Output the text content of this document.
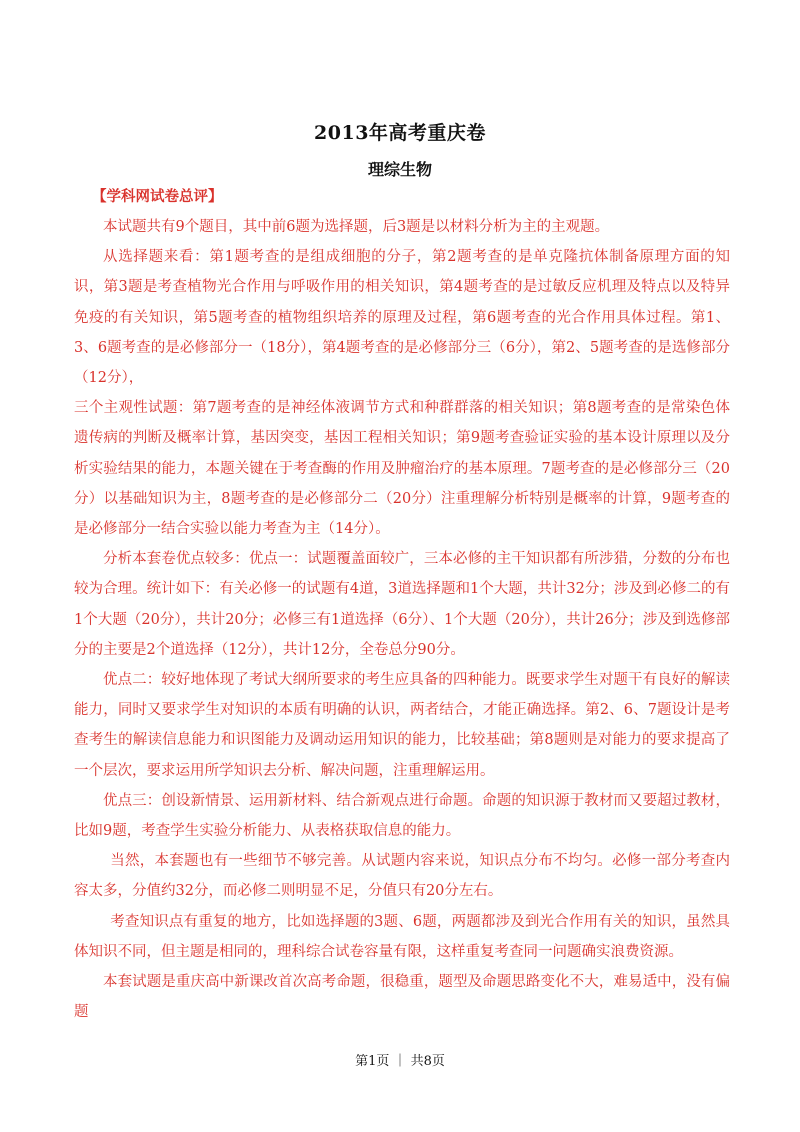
2013年高考重庆卷
理综生物
【学科网试卷总评】

本试题共有9个题目，其中前6题为选择题，后3题是以材料分析为主的主观题。

从选择题来看：第1题考查的是组成细胞的分子，第2题考查的是单克隆抗体制备原理方面的知识，第3题是考查植物光合作用与呼吸作用的相关知识，第4题考查的是过敏反应机理及特点以及特异免疫的有关知识，第5题考查的植物组织培养的原理及过程，第6题考查的光合作用具体过程。第1、3、6题考查的是必修部分一（18分），第4题考查的是必修部分三（6分），第2、5题考查的是选修部分（12分），

三个主观性试题：第7题考查的是神经体液调节方式和种群群落的相关知识；第8题考查的是常染色体遗传病的判断及概率计算，基因突变，基因工程相关知识；第9题考查验证实验的基本设计原理以及分析实验结果的能力，本题关键在于考查酶的作用及肿瘤治疗的基本原理。7题考查的是必修部分三（20分）以基础知识为主，8题考查的是必修部分二（20分）注重理解分析特别是概率的计算，9题考查的是必修部分一结合实验以能力考查为主（14分）。

分析本套卷优点较多：优点一：试题覆盖面较广，三本必修的主干知识都有所涉猎，分数的分布也较为合理。统计如下：有关必修一的试题有4道，3道选择题和1个大题，共计32分；涉及到必修二的有1个大题（20分），共计20分；必修三有1道选择（6分）、1个大题（20分），共计26分；涉及到选修部分的主要是2个道选择（12分），共计12分，全卷总分90分。

优点二：较好地体现了考试大纲所要求的考生应具备的四种能力。既要求学生对题干有良好的解读能力，同时又要求学生对知识的本质有明确的认识，两者结合，才能正确选择。第2、6、7题设计是考查考生的解读信息能力和识图能力及调动运用知识的能力，比较基础；第8题则是对能力的要求提高了一个层次，要求运用所学知识去分析、解决问题，注重理解运用。

优点三：创设新情景、运用新材料、结合新观点进行命题。命题的知识源于教材而又要超过教材，比如9题，考查学生实验分析能力、从表格获取信息的能力。

当然，本套题也有一些细节不够完善。从试题内容来说，知识点分布不均匀。必修一部分考查内容太多，分值约32分，而必修二则明显不足，分值只有20分左右。

考查知识点有重复的地方，比如选择题的3题、6题，两题都涉及到光合作用有关的知识，虽然具体知识不同，但主题是相同的，理科综合试卷容量有限，这样重复考查同一问题确实浪费资源。

本套试题是重庆高中新课改首次高考命题，很稳重，题型及命题思路变化不大，难易适中，没有偏题

第1页 ｜ 共8页
